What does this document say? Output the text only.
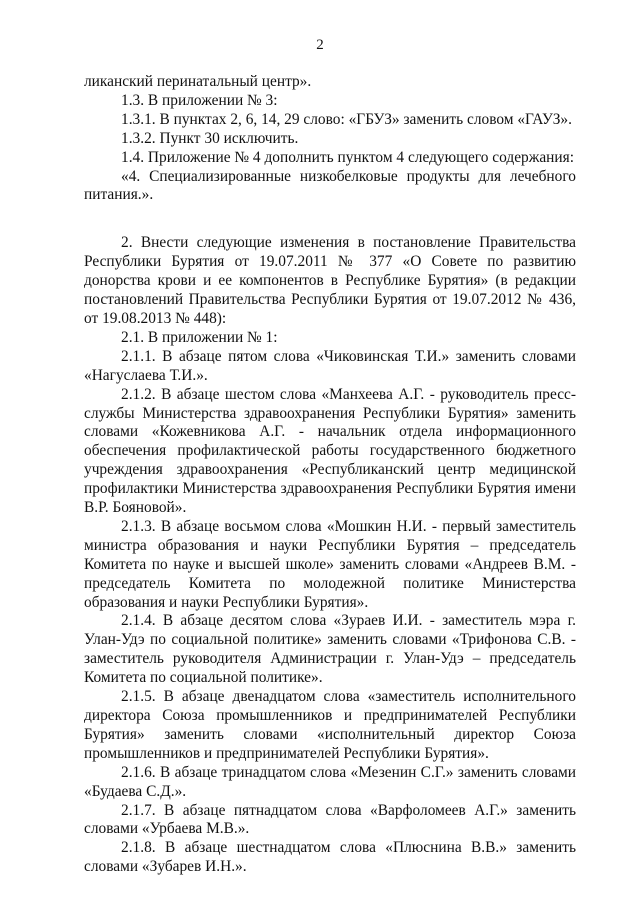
2

ликанский перинатальный центр».

1.3. В приложении № 3:

1.3.1. В пунктах 2, 6, 14, 29 слово: «ГБУЗ» заменить словом «ГАУЗ».

1.3.2. Пункт 30 исключить.

1.4. Приложение № 4 дополнить пунктом 4 следующего содержания:

«4. Специализированные низкобелковые продукты для лечебного питания.».

2. Внести следующие изменения в постановление Правительства Республики Бурятия от 19.07.2011 № 377 «О Совете по развитию донорства крови и ее компонентов в Республике Бурятия» (в редакции постановлений Правительства Республики Бурятия от 19.07.2012 № 436, от 19.08.2013 № 448):

2.1. В приложении № 1:

2.1.1. В абзаце пятом слова «Чиковинская Т.И.» заменить словами «Нагуслаева Т.И.».

2.1.2. В абзаце шестом слова «Манхеева А.Г. - руководитель пресс-службы Министерства здравоохранения Республики Бурятия» заменить словами «Кожевникова А.Г. - начальник отдела информационного обеспечения профилактической работы государственного бюджетного учреждения здравоохранения «Республиканский центр медицинской профилактики Министерства здравоохранения Республики Бурятия имени В.Р. Бояновой».

2.1.3. В абзаце восьмом слова «Мошкин Н.И. - первый заместитель министра образования и науки Республики Бурятия – председатель Комитета по науке и высшей школе» заменить словами «Андреев В.М. - председатель Комитета по молодежной политике Министерства образования и науки Республики Бурятия».

2.1.4. В абзаце десятом слова «Зураев И.И. - заместитель мэра г. Улан-Удэ по социальной политике» заменить словами «Трифонова С.В. - заместитель руководителя Администрации г. Улан-Удэ – председатель Комитета по социальной политике».

2.1.5. В абзаце двенадцатом слова «заместитель исполнительного директора Союза промышленников и предпринимателей Республики Бурятия» заменить словами «исполнительный директор Союза промышленников и предпринимателей Республики Бурятия».

2.1.6. В абзаце тринадцатом слова «Мезенин С.Г.» заменить словами «Будаева С.Д.».

2.1.7. В абзаце пятнадцатом слова «Варфоломеев А.Г.» заменить словами «Урбаева М.В.».

2.1.8. В абзаце шестнадцатом слова «Плюснина В.В.» заменить словами «Зубарев И.Н.».
